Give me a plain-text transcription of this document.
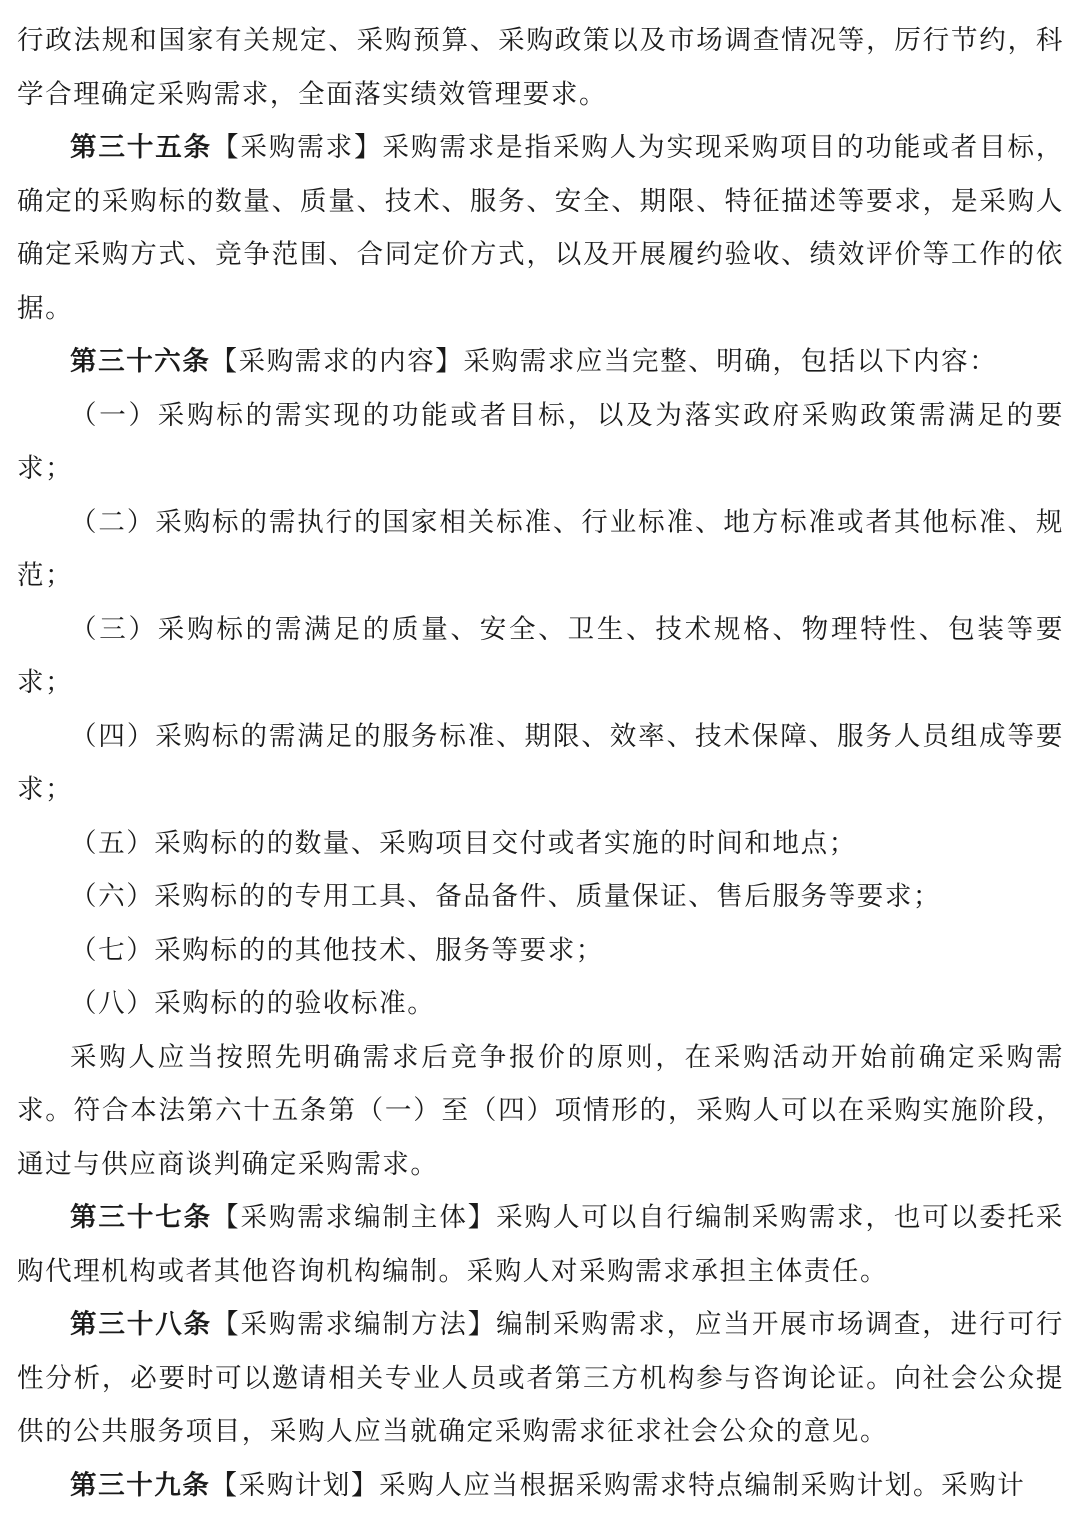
行政法规和国家有关规定、采购预算、采购政策以及市场调查情况等，厉行节约，科学合理确定采购需求，全面落实绩效管理要求。

第三十五条【采购需求】采购需求是指采购人为实现采购项目的功能或者目标，确定的采购标的数量、质量、技术、服务、安全、期限、特征描述等要求，是采购人确定采购方式、竞争范围、合同定价方式，以及开展履约验收、绩效评价等工作的依据。

第三十六条【采购需求的内容】采购需求应当完整、明确，包括以下内容：

（一）采购标的需实现的功能或者目标，以及为落实政府采购政策需满足的要求；

（二）采购标的需执行的国家相关标准、行业标准、地方标准或者其他标准、规范；

（三）采购标的需满足的质量、安全、卫生、技术规格、物理特性、包装等要求；

（四）采购标的需满足的服务标准、期限、效率、技术保障、服务人员组成等要求；

（五）采购标的的数量、采购项目交付或者实施的时间和地点；

（六）采购标的的专用工具、备品备件、质量保证、售后服务等要求；

（七）采购标的的其他技术、服务等要求；

（八）采购标的的验收标准。

采购人应当按照先明确需求后竞争报价的原则，在采购活动开始前确定采购需求。符合本法第六十五条第（一）至（四）项情形的，采购人可以在采购实施阶段，通过与供应商谈判确定采购需求。

第三十七条【采购需求编制主体】采购人可以自行编制采购需求，也可以委托采购代理机构或者其他咨询机构编制。采购人对采购需求承担主体责任。

第三十八条【采购需求编制方法】编制采购需求，应当开展市场调查，进行可行性分析，必要时可以邀请相关专业人员或者第三方机构参与咨询论证。向社会公众提供的公共服务项目，采购人应当就确定采购需求征求社会公众的意见。

第三十九条【采购计划】采购人应当根据采购需求特点编制采购计划。采购计
